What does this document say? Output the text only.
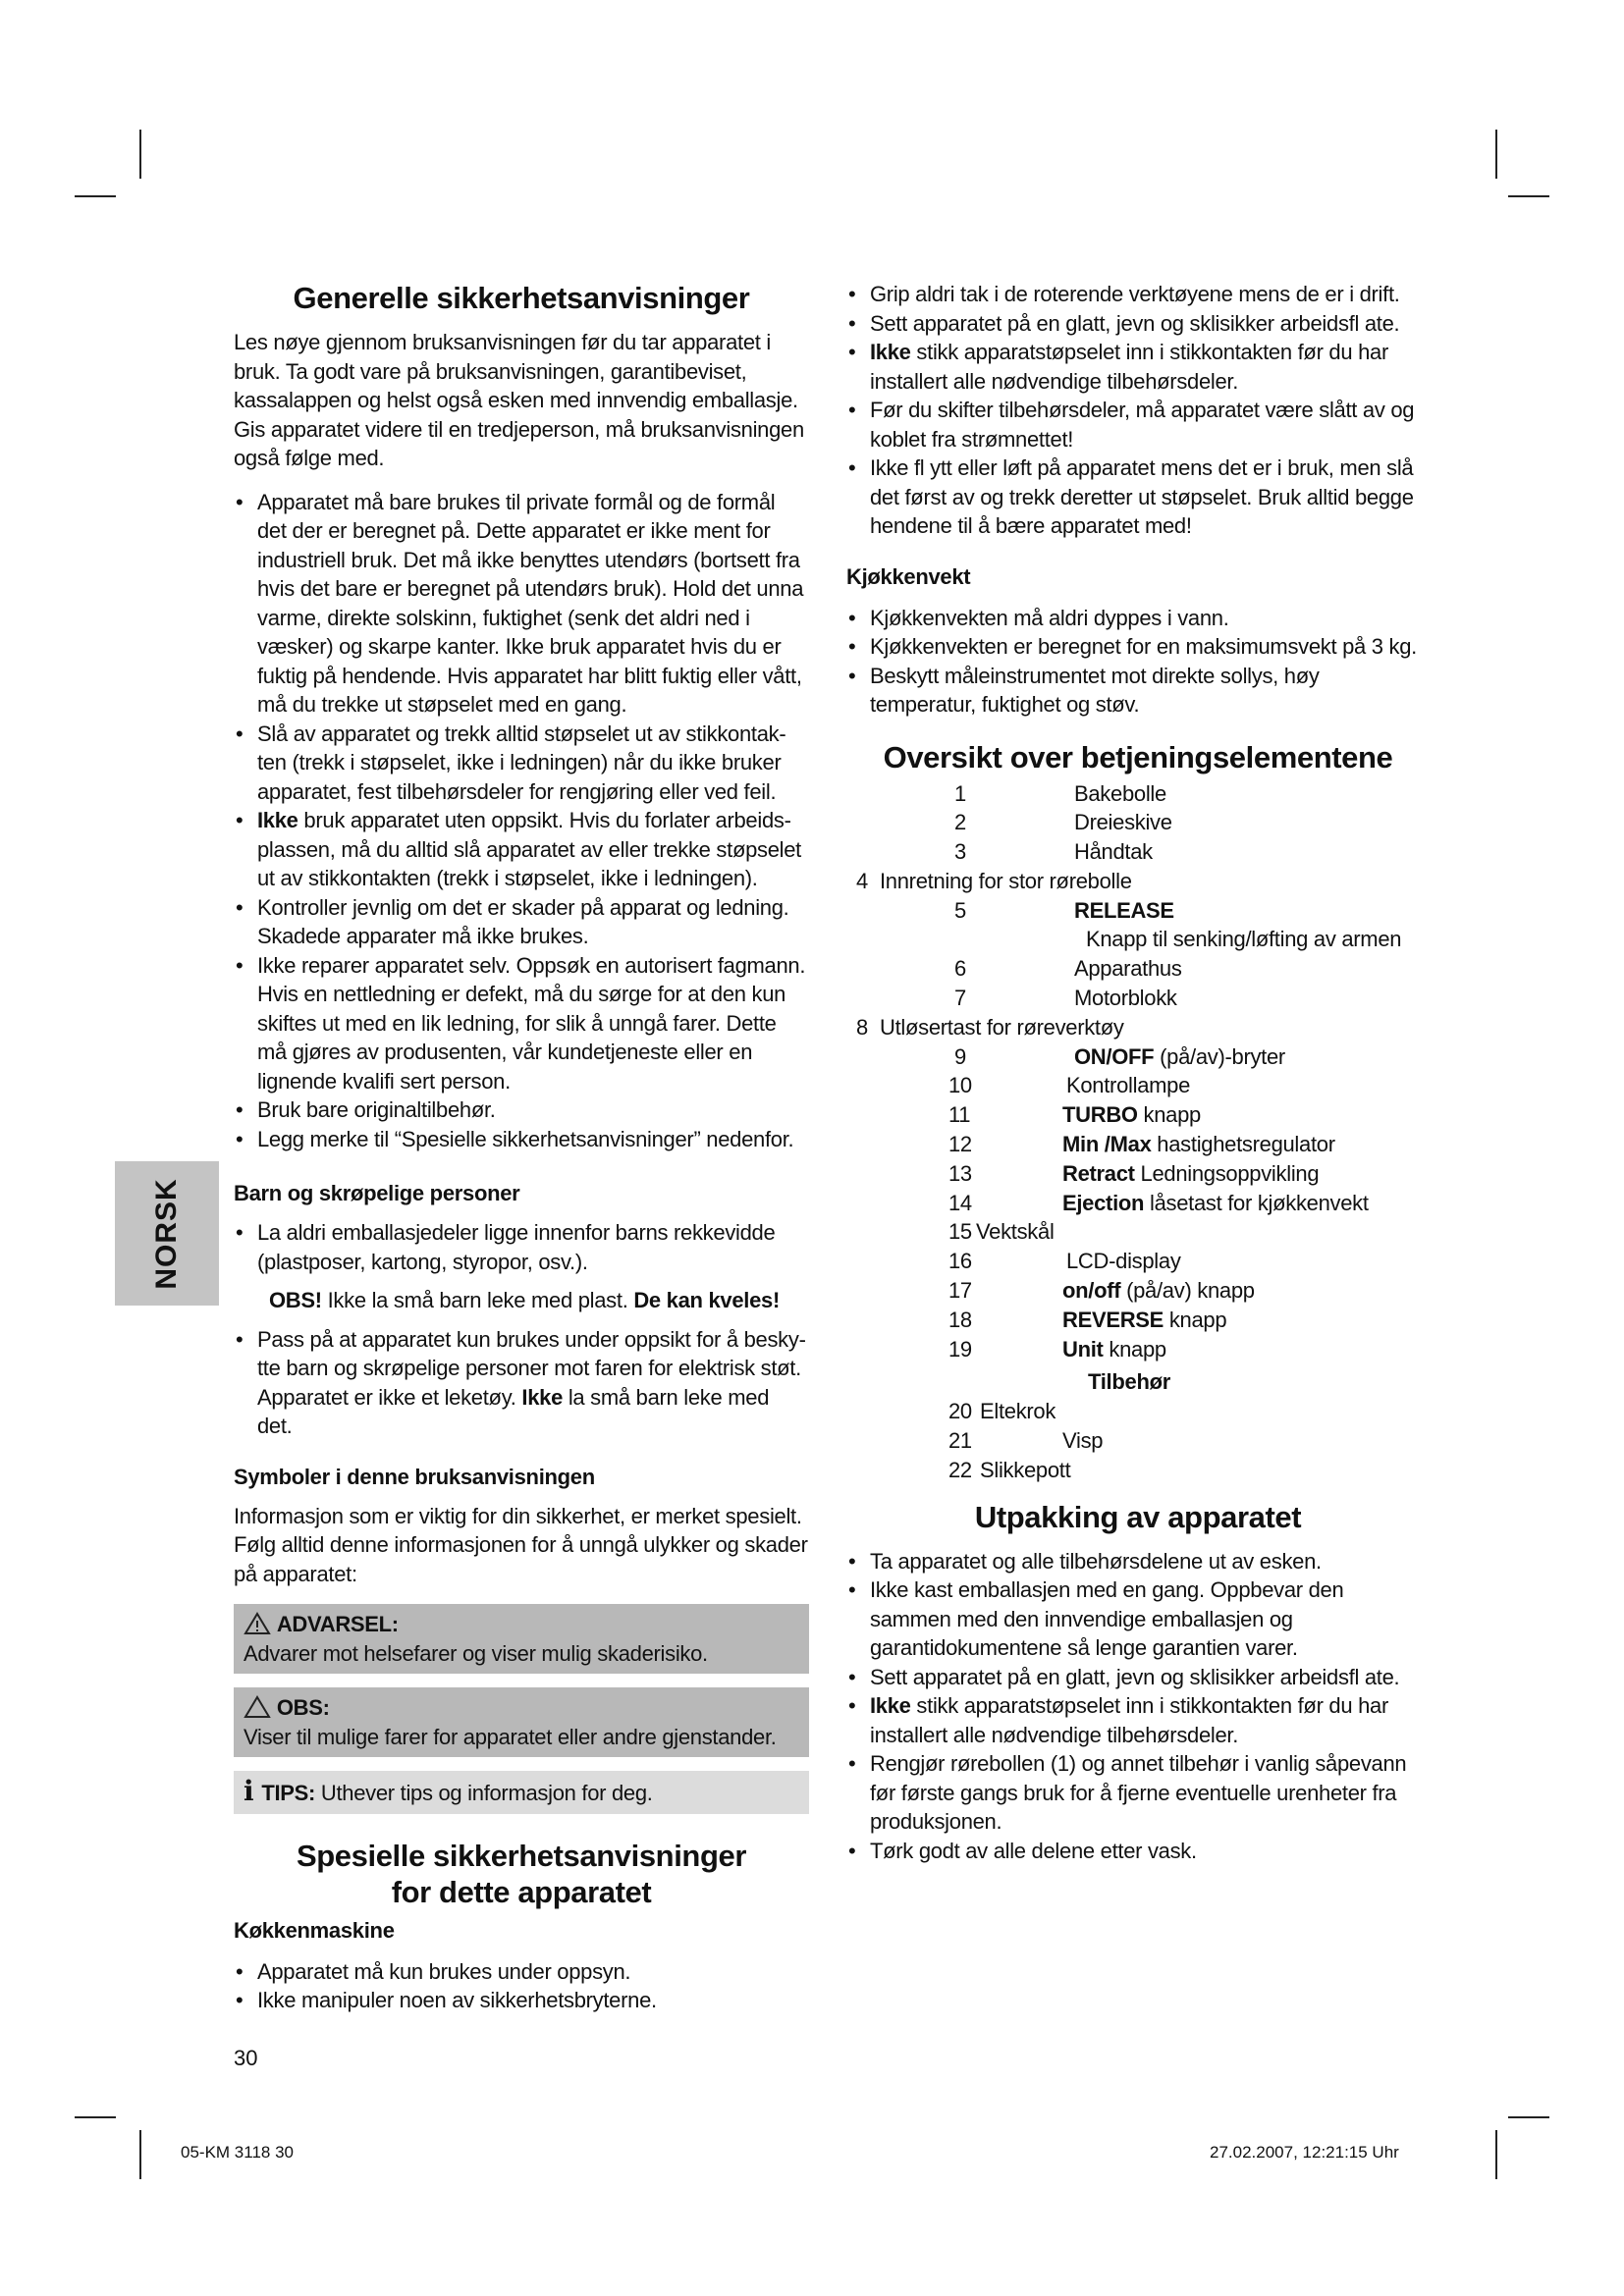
NORSK
Generelle sikkerhetsanvisninger

Les nøye gjennom bruksanvisningen før du tar apparatet i bruk. Ta godt vare på bruksanvisningen, garantibeviset, kassalappen og helst også esken med innvendig emballasje. Gis apparatet videre til en tredjeperson, må bruksanvisningen også følge med.

• Apparatet må bare brukes til private formål og de formål det der er beregnet på. Dette apparatet er ikke ment for industriell bruk. Det må ikke benyttes utendørs (bortsett fra hvis det bare er beregnet på utendørs bruk). Hold det unna varme, direkte solskinn, fuktighet (senk det aldri ned i væsker) og skarpe kanter. Ikke bruk apparatet hvis du er fuktig på hendende. Hvis apparatet har blitt fuktig eller vått, må du trekke ut støpselet med en gang.
• Slå av apparatet og trekk alltid støpselet ut av stikkontak-ten (trekk i støpselet, ikke i ledningen) når du ikke bruker apparatet, fest tilbehørsdeler for rengjøring eller ved feil.
• Ikke bruk apparatet uten oppsikt. Hvis du forlater arbeids-plassen, må du alltid slå apparatet av eller trekke støpselet ut av stikkontakten (trekk i støpselet, ikke i ledningen).
• Kontroller jevnlig om det er skader på apparat og ledning. Skadede apparater må ikke brukes.
• Ikke reparer apparatet selv. Oppsøk en autorisert fagmann. Hvis en nettledning er defekt, må du sørge for at den kun skiftes ut med en lik ledning, for slik å unngå farer. Dette må gjøres av produsenten, vår kundetjeneste eller en lignende kvalifi sert person.
• Bruk bare originaltilbehør.
• Legg merke til “Spesielle sikkerhetsanvisninger” nedenfor.
Barn og skrøpelige personer
• La aldri emballasjedeler ligge innenfor barns rekkevidde (plastposer, kartong, styropor, osv.).

OBS! Ikke la små barn leke med plast. De kan kveles!

• Pass på at apparatet kun brukes under oppsikt for å besky-tte barn og skrøpelige personer mot faren for elektrisk støt. Apparatet er ikke et leketøy. Ikke la små barn leke med det.
Symboler i denne bruksanvisningen

Informasjon som er viktig for din sikkerhet, er merket spesielt. Følg alltid denne informasjonen for å unngå ulykker og skader på apparatet:

ADVARSEL:
Advarer mot helsefarer og viser mulig skaderisiko.
OBS:
Viser til mulige farer for apparatet eller andre gjenstander.
i TIPS: Uthever tips og informasjon for deg.
Spesielle sikkerhetsanvisninger
for dette apparatet
Køkkenmaskine
• Apparatet må kun brukes under oppsyn.
• Ikke manipuler noen av sikkerhetsbryterne.
• Grip aldri tak i de roterende verktøyene mens de er i drift.
• Sett apparatet på en glatt, jevn og sklisikker arbeidsfl ate.
• Ikke stikk apparatstøpselet inn i stikkontakten før du har installert alle nødvendige tilbehørsdeler.
• Før du skifter tilbehørsdeler, må apparatet være slått av og koblet fra strømnettet!
• Ikke fl ytt eller løft på apparatet mens det er i bruk, men slå det først av og trekk deretter ut støpselet. Bruk alltid begge hendene til å bære apparatet med!
Kjøkkenvekt
• Kjøkkenvekten må aldri dyppes i vann.
• Kjøkkenvekten er beregnet for en maksimumsvekt på 3 kg.
• Beskytt måleinstrumentet mot direkte sollys, høy temperatur, fuktighet og støv.
Oversikt over betjeningselementene
1	Bakebolle
2	Dreieskive
3	Håndtak
4 Innretning for stor rørebolle
5	RELEASE
Knapp til senking/løfting av armen
6	Apparathus
7	Motorblokk
8 Utløsertast for røreverktøy
9	ON/OFF (på/av)-bryter
10	Kontrollampe
11	TURBO knapp
12	Min /Max hastighetsregulator
13	Retract Ledningsoppvikling
14	Ejection låsetast for kjøkkenvekt
15 Vektskål
16	LCD-display
17	on/off (på/av) knapp
18	REVERSE knapp
19	Unit knapp
Tilbehør
20 Eltekrok
21	Visp
22 Slikkepott
Utpakking av apparatet
• Ta apparatet og alle tilbehørsdelene ut av esken.
• Ikke kast emballasjen med en gang. Oppbevar den sammen med den innvendige emballasjen og garantidokumentene så lenge garantien varer.
• Sett apparatet på en glatt, jevn og sklisikker arbeidsfl ate.
• Ikke stikk apparatstøpselet inn i stikkontakten før du har installert alle nødvendige tilbehørsdeler.
• Rengjør rørebollen (1) og annet tilbehør i vanlig såpevann før første gangs bruk for å fjerne eventuelle urenheter fra produksjonen.
• Tørk godt av alle delene etter vask.
30
05-KM 3118 30	27.02.2007, 12:21:15 Uhr
